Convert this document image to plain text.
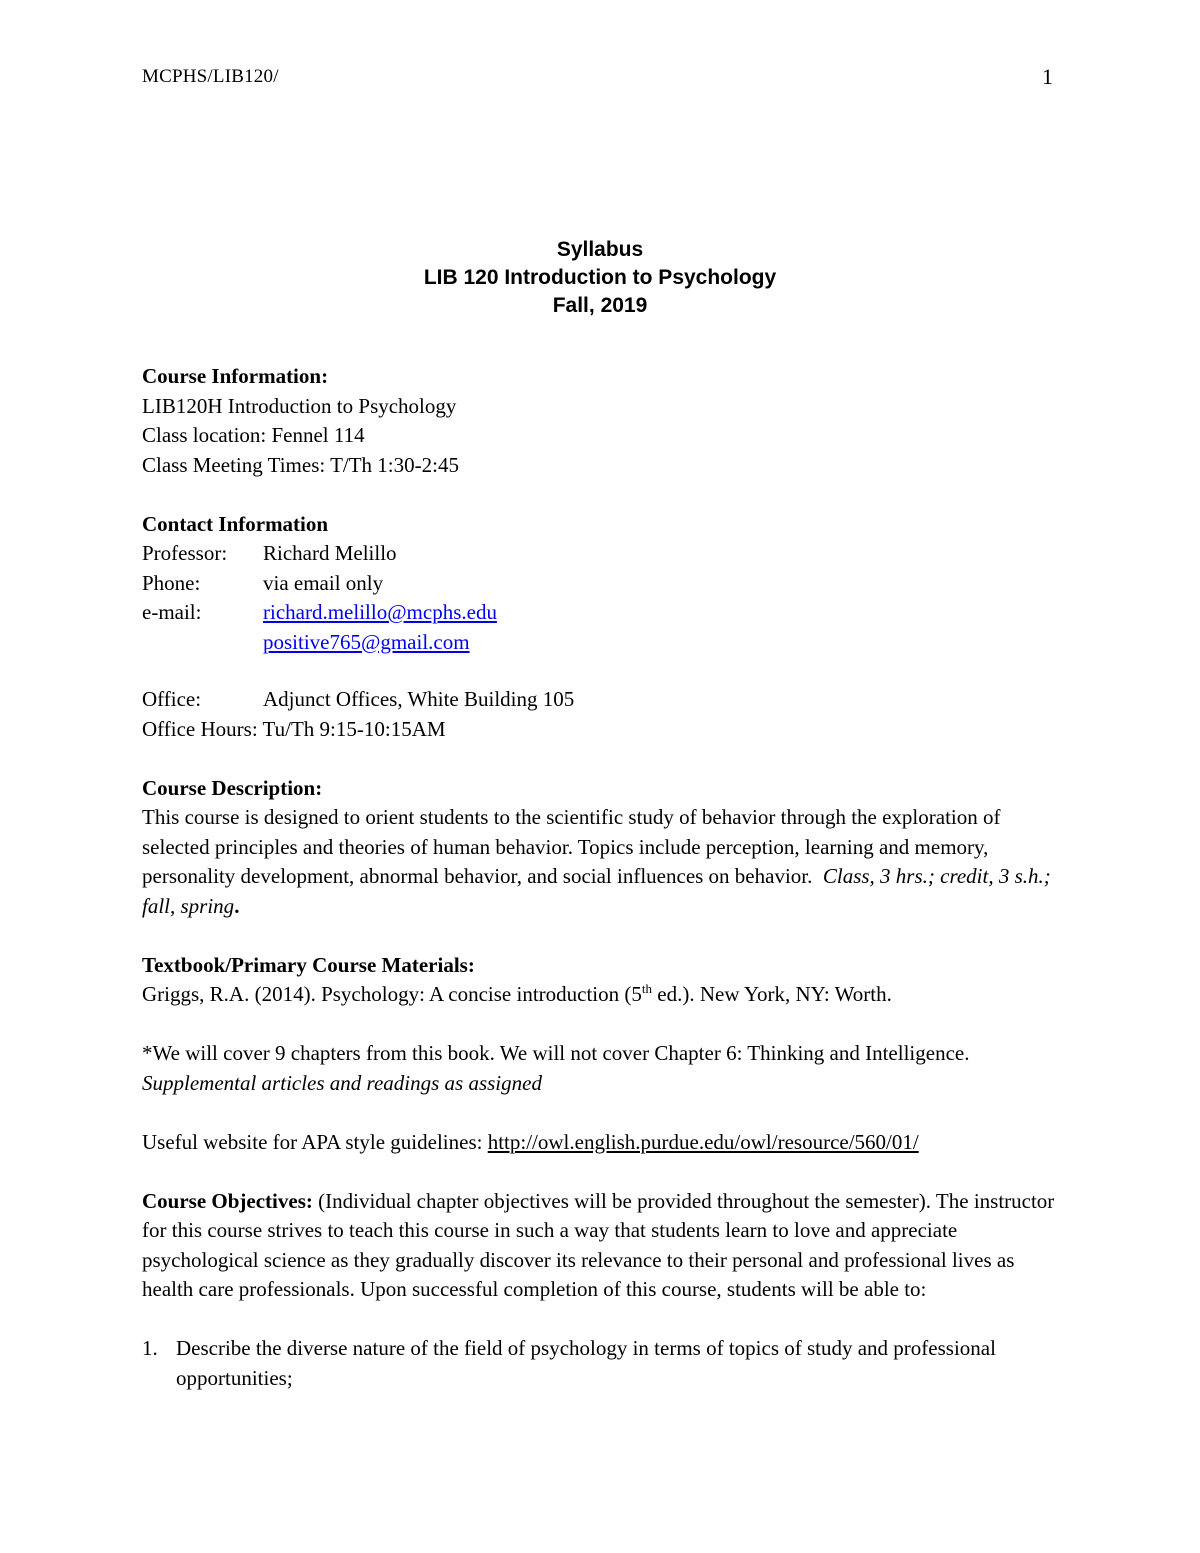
MCPHS/LIB120/	1
Syllabus
LIB 120 Introduction to Psychology
Fall, 2019

Course Information:

LIB120H Introduction to Psychology

Class location: Fennel 114

Class Meeting Times: T/Th 1:30-2:45

Contact Information

Professor:	Richard Melillo
Phone:	via email only
e-mail:	richard.melillo@mcphs.edu
positive765@gmail.com
Office:	Adjunct Offices, White Building 105

Office Hours: Tu/Th 9:15-10:15AM

Course Description:

This course is designed to orient students to the scientific study of behavior through the exploration of selected principles and theories of human behavior. Topics include perception, learning and memory, personality development, abnormal behavior, and social influences on behavior. Class, 3 hrs.; credit, 3 s.h.; fall, spring.

Textbook/Primary Course Materials:

Griggs, R.A. (2014). Psychology: A concise introduction (5th ed.). New York, NY: Worth.

*We will cover 9 chapters from this book. We will not cover Chapter 6: Thinking and Intelligence. Supplemental articles and readings as assigned

Useful website for APA style guidelines: http://owl.english.purdue.edu/owl/resource/560/01/

Course Objectives: (Individual chapter objectives will be provided throughout the semester). The instructor for this course strives to teach this course in such a way that students learn to love and appreciate psychological science as they gradually discover its relevance to their personal and professional lives as health care professionals. Upon successful completion of this course, students will be able to:

1. Describe the diverse nature of the field of psychology in terms of topics of study and professional opportunities;
